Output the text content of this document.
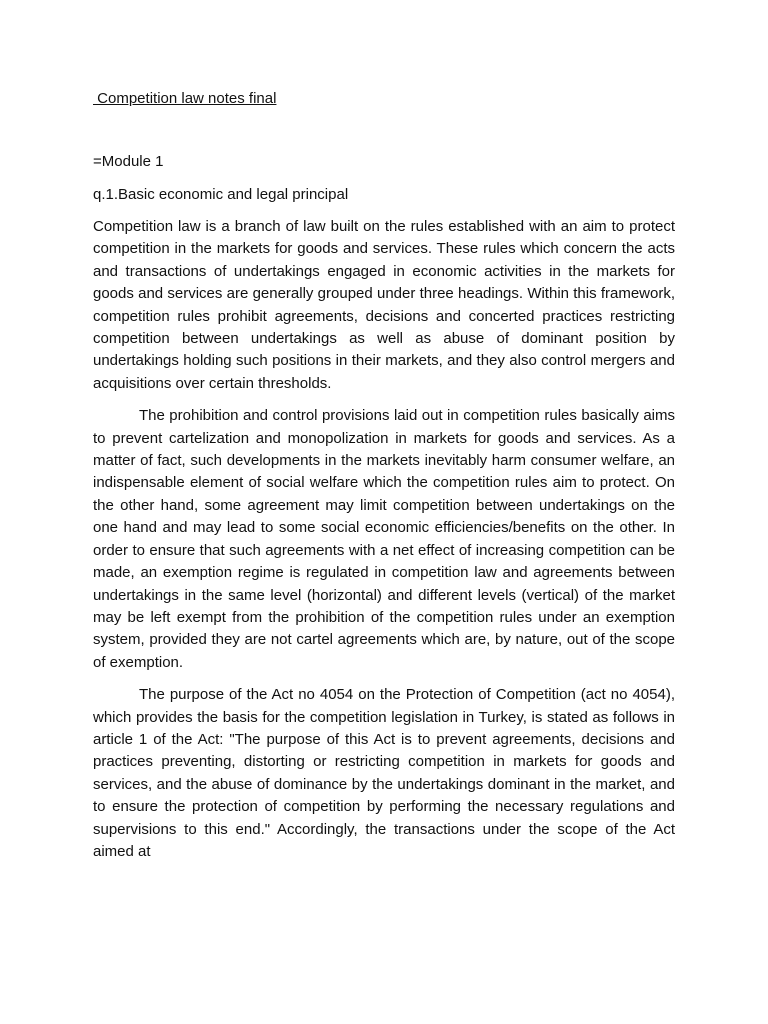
Competition law notes final
=Module 1
q.1.Basic economic and legal principal

Competition law is a branch of law built on the rules established with an aim to protect competition in the markets for goods and services. These rules which concern the acts and transactions of undertakings engaged in economic activities in the markets for goods and services are generally grouped under three headings. Within this framework, competition rules prohibit agreements, decisions and concerted practices restricting competition between undertakings as well as abuse of dominant position by undertakings holding such positions in their markets, and they also control mergers and acquisitions over certain thresholds.

The prohibition and control provisions laid out in competition rules basically aims to prevent cartelization and monopolization in markets for goods and services. As a matter of fact, such developments in the markets inevitably harm consumer welfare, an indispensable element of social welfare which the competition rules aim to protect. On the other hand, some agreement may limit competition between undertakings on the one hand and may lead to some social economic efficiencies/benefits on the other. In order to ensure that such agreements with a net effect of increasing competition can be made, an exemption regime is regulated in competition law and agreements between undertakings in the same level (horizontal) and different levels (vertical) of the market may be left exempt from the prohibition of the competition rules under an exemption system, provided they are not cartel agreements which are, by nature, out of the scope of exemption.

The purpose of the Act no 4054 on the Protection of Competition (act no 4054), which provides the basis for the competition legislation in Turkey, is stated as follows in article 1 of the Act: "The purpose of this Act is to prevent agreements, decisions and practices preventing, distorting or restricting competition in markets for goods and services, and the abuse of dominance by the undertakings dominant in the market, and to ensure the protection of competition by performing the necessary regulations and supervisions to this end." Accordingly, the transactions under the scope of the Act aimed at
